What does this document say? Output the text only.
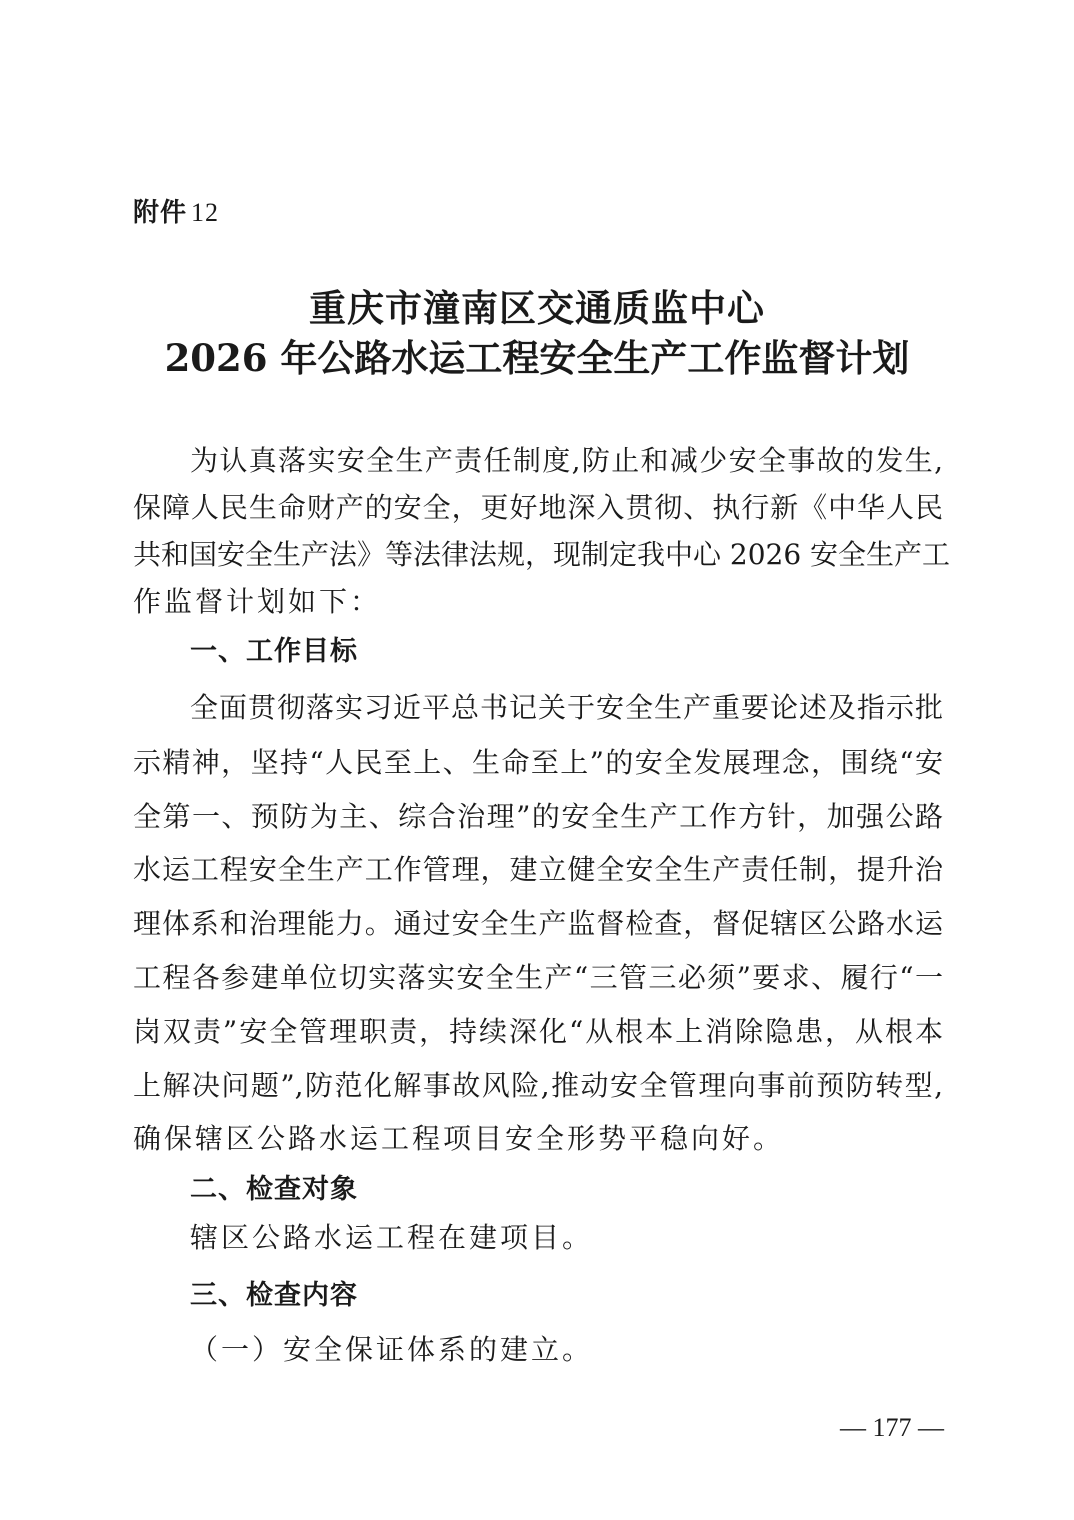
附件 12
重庆市潼南区交通质监中心
2026 年公路水运工程安全生产工作监督计划
为认真落实安全生产责任制度,防止和减少安全事故的发生,
保障人民生命财产的安全，更好地深入贯彻、执行新《中华人民
共和国安全生产法》等法律法规，现制定我中心 2026 安全生产工
作监督计划如下：
一、工作目标
全面贯彻落实习近平总书记关于安全生产重要论述及指示批
示精神，坚持“人民至上、生命至上”的安全发展理念，围绕“安
全第一、预防为主、综合治理”的安全生产工作方针，加强公路
水运工程安全生产工作管理，建立健全安全生产责任制，提升治
理体系和治理能力。通过安全生产监督检查，督促辖区公路水运
工程各参建单位切实落实安全生产“三管三必须”要求、履行“一
岗双责”安全管理职责，持续深化“从根本上消除隐患，从根本
上解决问题”,防范化解事故风险,推动安全管理向事前预防转型,
确保辖区公路水运工程项目安全形势平稳向好。
二、检查对象
辖区公路水运工程在建项目。
三、检查内容
（一）安全保证体系的建立。
— 177 —
